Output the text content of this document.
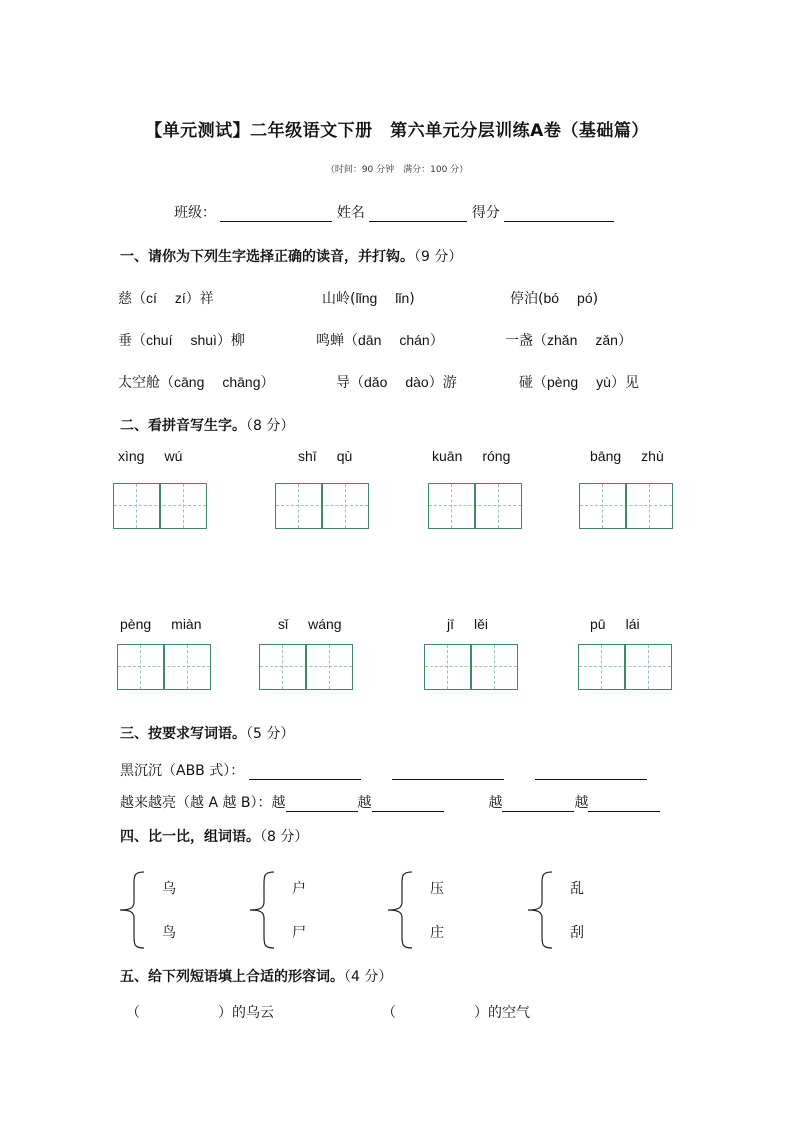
【单元测试】二年级语文下册　第六单元分层训练A卷（基础篇）
（时间：90 分钟　满分：100 分）
班级：	姓名	得分
一、请你为下列生字选择正确的读音，并打钩。（9 分）
慈（cí zí）祥	山岭(lǐng lǐn)	停泊(bó pó)
垂（chuí shuì）柳	鸣蝉（dān chán）	一盏（zhǎn zǎn）
太空舱（cāng chāng）	导（dǎo dào）游	碰（pèng yù）见
二、看拼音写生字。（8 分）
xìng wú	shī qù	kuān róng	bāng zhù
pèng miàn	sǐ wáng	jī lěi	pū lái
三、按要求写词语。（5 分）
黑沉沉（ABB 式）：
越来越亮（越 A 越 B）：越	越	越	越
四、比一比，组词语。（8 分）
乌
鸟
户
尸
压
庄
乱
刮
五、给下列短语填上合适的形容词。（4 分）
（	）的乌云	（	）的空气
